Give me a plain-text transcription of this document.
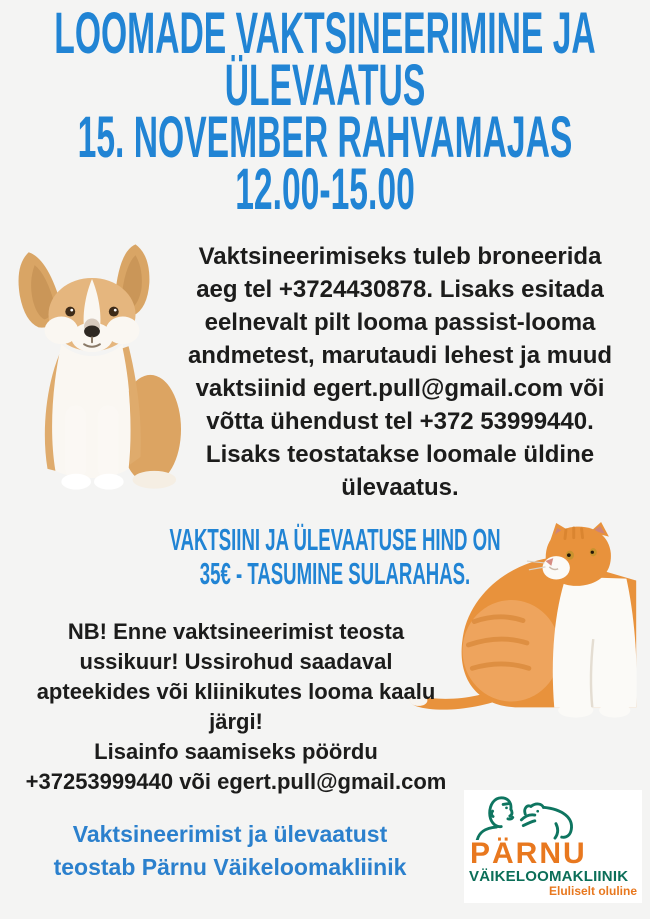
LOOMADE VAKTSINEERIMINE JA
ÜLEVAATUS
15. NOVEMBER RAHVAMAJAS
12.00-15.00
Vaktsineerimiseks tuleb broneerida
aeg tel +3724430878. Lisaks esitada
eelnevalt pilt looma passist-looma
andmetest, marutaudi lehest ja muud
vaktsiinid egert.pull@gmail.com või
võtta ühendust tel +372 53999440.
Lisaks teostatakse loomale üldine
ülevaatus.
VAKTSIINI JA ÜLEVAATUSE HIND ON
35€ - TASUMINE SULARAHAS.
NB! Enne vaktsineerimist teosta
ussikuur! Ussirohud saadaval
apteekides või kliinikutes looma kaalu
järgi!
Lisainfo saamiseks pöördu
+37253999440 või egert.pull@gmail.com
Vaktsineerimist ja ülevaatust
teostab Pärnu Väikeloomakliinik	PÄRNU
VÄIKELOOMAKLIINIK
Eluliselt oluline
